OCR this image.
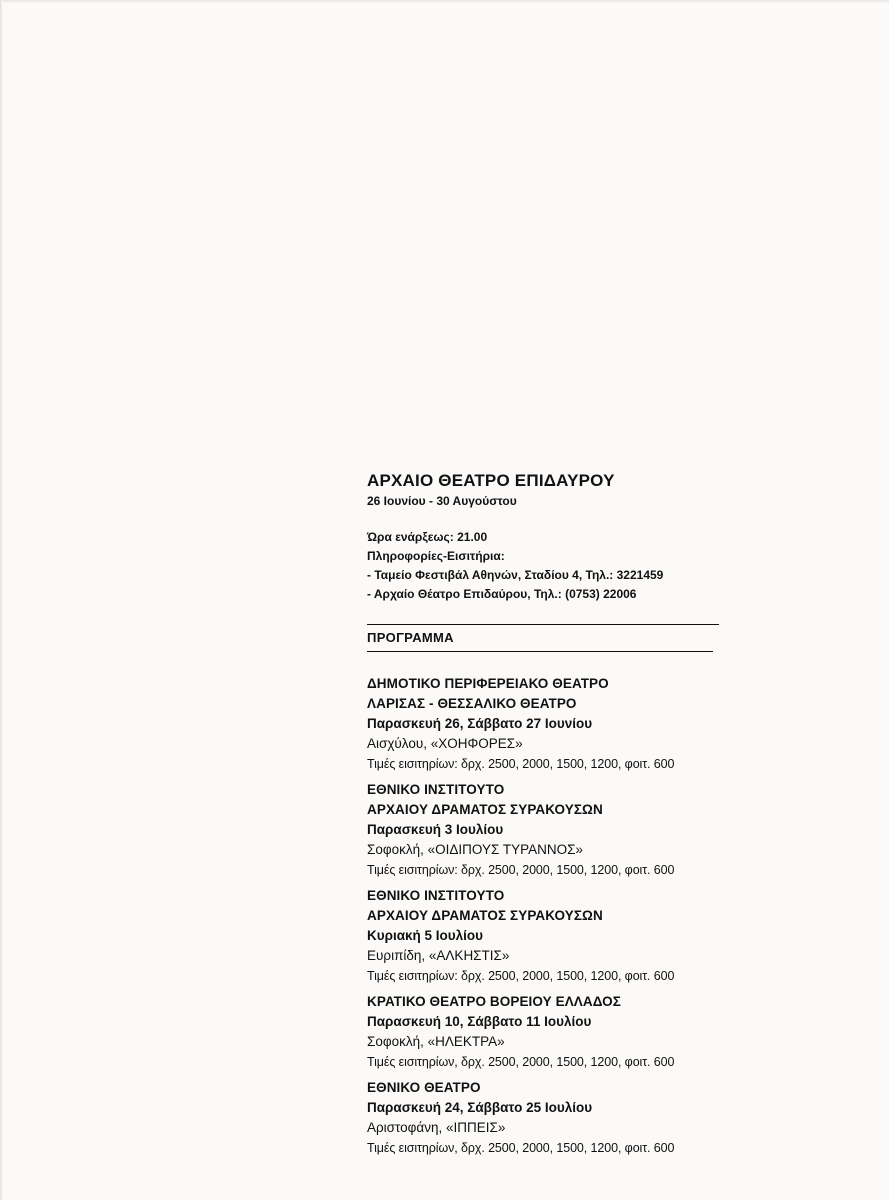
ΑΡΧΑΙΟ ΘΕΑΤΡΟ ΕΠΙΔΑΥΡΟΥ

26 Ιουνίου - 30 Αυγούστου

Ώρα ενάρξεως: 21.00

Πληροφορίες-Εισιτήρια:

- Ταμείο Φεστιβάλ Αθηνών, Σταδίου 4, Τηλ.: 3221459

- Αρχαίο Θέατρο Επιδαύρου, Τηλ.: (0753) 22006

ΠΡΟΓΡΑΜΜΑ

ΔΗΜΟΤΙΚΟ ΠΕΡΙΦΕΡΕΙΑΚΟ ΘΕΑΤΡΟ

ΛΑΡΙΣΑΣ - ΘΕΣΣΑΛΙΚΟ ΘΕΑΤΡΟ

Παρασκευή 26, Σάββατο 27 Ιουνίου

Αισχύλου, «ΧΟΗΦΟΡΕΣ»

Τιμές εισιτηρίων: δρχ. 2500, 2000, 1500, 1200, φοιτ. 600

ΕΘΝΙΚΟ ΙΝΣΤΙΤΟΥΤΟ

ΑΡΧΑΙΟΥ ΔΡΑΜΑΤΟΣ ΣΥΡΑΚΟΥΣΩΝ

Παρασκευή 3 Ιουλίου

Σοφοκλή, «ΟΙΔΙΠΟΥΣ ΤΥΡΑΝΝΟΣ»

Τιμές εισιτηρίων: δρχ. 2500, 2000, 1500, 1200, φοιτ. 600

ΕΘΝΙΚΟ ΙΝΣΤΙΤΟΥΤΟ

ΑΡΧΑΙΟΥ ΔΡΑΜΑΤΟΣ ΣΥΡΑΚΟΥΣΩΝ

Κυριακή 5 Ιουλίου

Ευριπίδη, «ΑΛΚΗΣΤΙΣ»

Τιμές εισιτηρίων: δρχ. 2500, 2000, 1500, 1200, φοιτ. 600

ΚΡΑΤΙΚΟ ΘΕΑΤΡΟ ΒΟΡΕΙΟΥ ΕΛΛΑΔΟΣ

Παρασκευή 10, Σάββατο 11 Ιουλίου

Σοφοκλή, «ΗΛΕΚΤΡΑ»

Τιμές εισιτηρίων, δρχ. 2500, 2000, 1500, 1200, φοιτ. 600

ΕΘΝΙΚΟ ΘΕΑΤΡΟ

Παρασκευή 24, Σάββατο 25 Ιουλίου

Αριστοφάνη, «ΙΠΠΕΙΣ»

Τιμές εισιτηρίων, δρχ. 2500, 2000, 1500, 1200, φοιτ. 600
